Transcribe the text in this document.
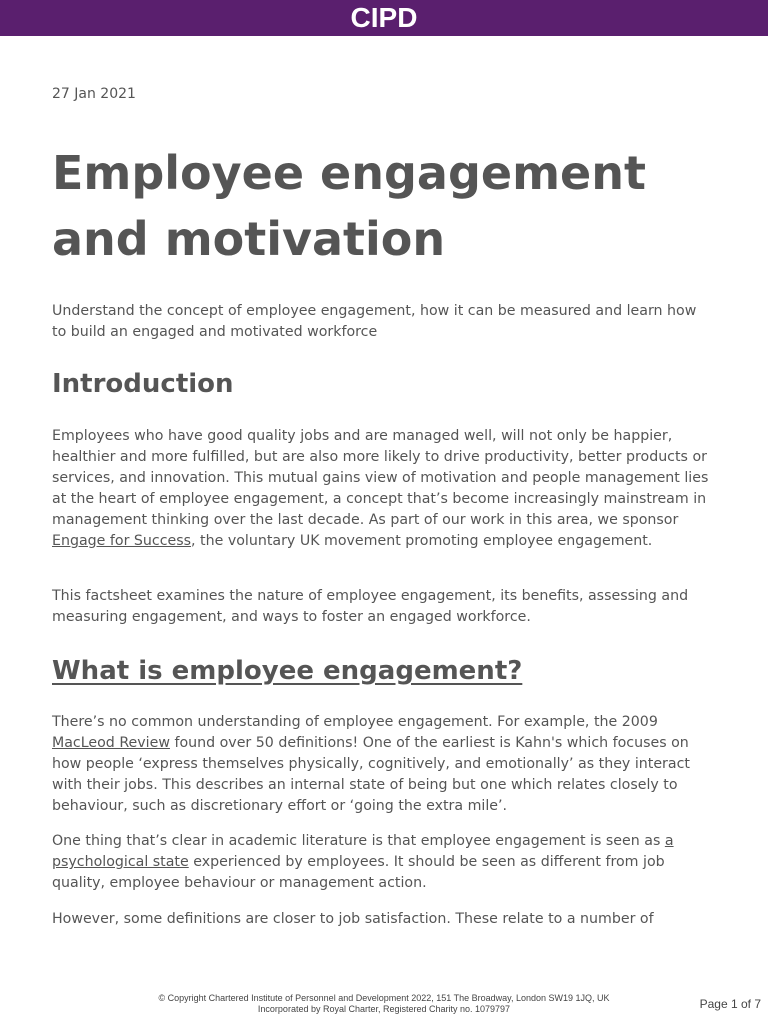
CIPD
27 Jan 2021
Employee engagement and motivation

Understand the concept of employee engagement, how it can be measured and learn how to build an engaged and motivated workforce

Introduction

Employees who have good quality jobs and are managed well, will not only be happier, healthier and more fulfilled, but are also more likely to drive productivity, better products or services, and innovation. This mutual gains view of motivation and people management lies at the heart of employee engagement, a concept that’s become increasingly mainstream in management thinking over the last decade. As part of our work in this area, we sponsor Engage for Success, the voluntary UK movement promoting employee engagement.

This factsheet examines the nature of employee engagement, its benefits, assessing and measuring engagement, and ways to foster an engaged workforce.

What is employee engagement?

There’s no common understanding of employee engagement. For example, the 2009 MacLeod Review found over 50 definitions! One of the earliest is Kahn's which focuses on how people ‘express themselves physically, cognitively, and emotionally’ as they interact with their jobs. This describes an internal state of being but one which relates closely to behaviour, such as discretionary effort or ‘going the extra mile’.

One thing that’s clear in academic literature is that employee engagement is seen as a psychological state experienced by employees. It should be seen as different from job quality, employee behaviour or management action.

However, some definitions are closer to job satisfaction. These relate to a number of

© Copyright Chartered Institute of Personnel and Development 2022, 151 The Broadway, London SW19 1JQ, UK
Incorporated by Royal Charter, Registered Charity no. 1079797	Page 1 of 7
